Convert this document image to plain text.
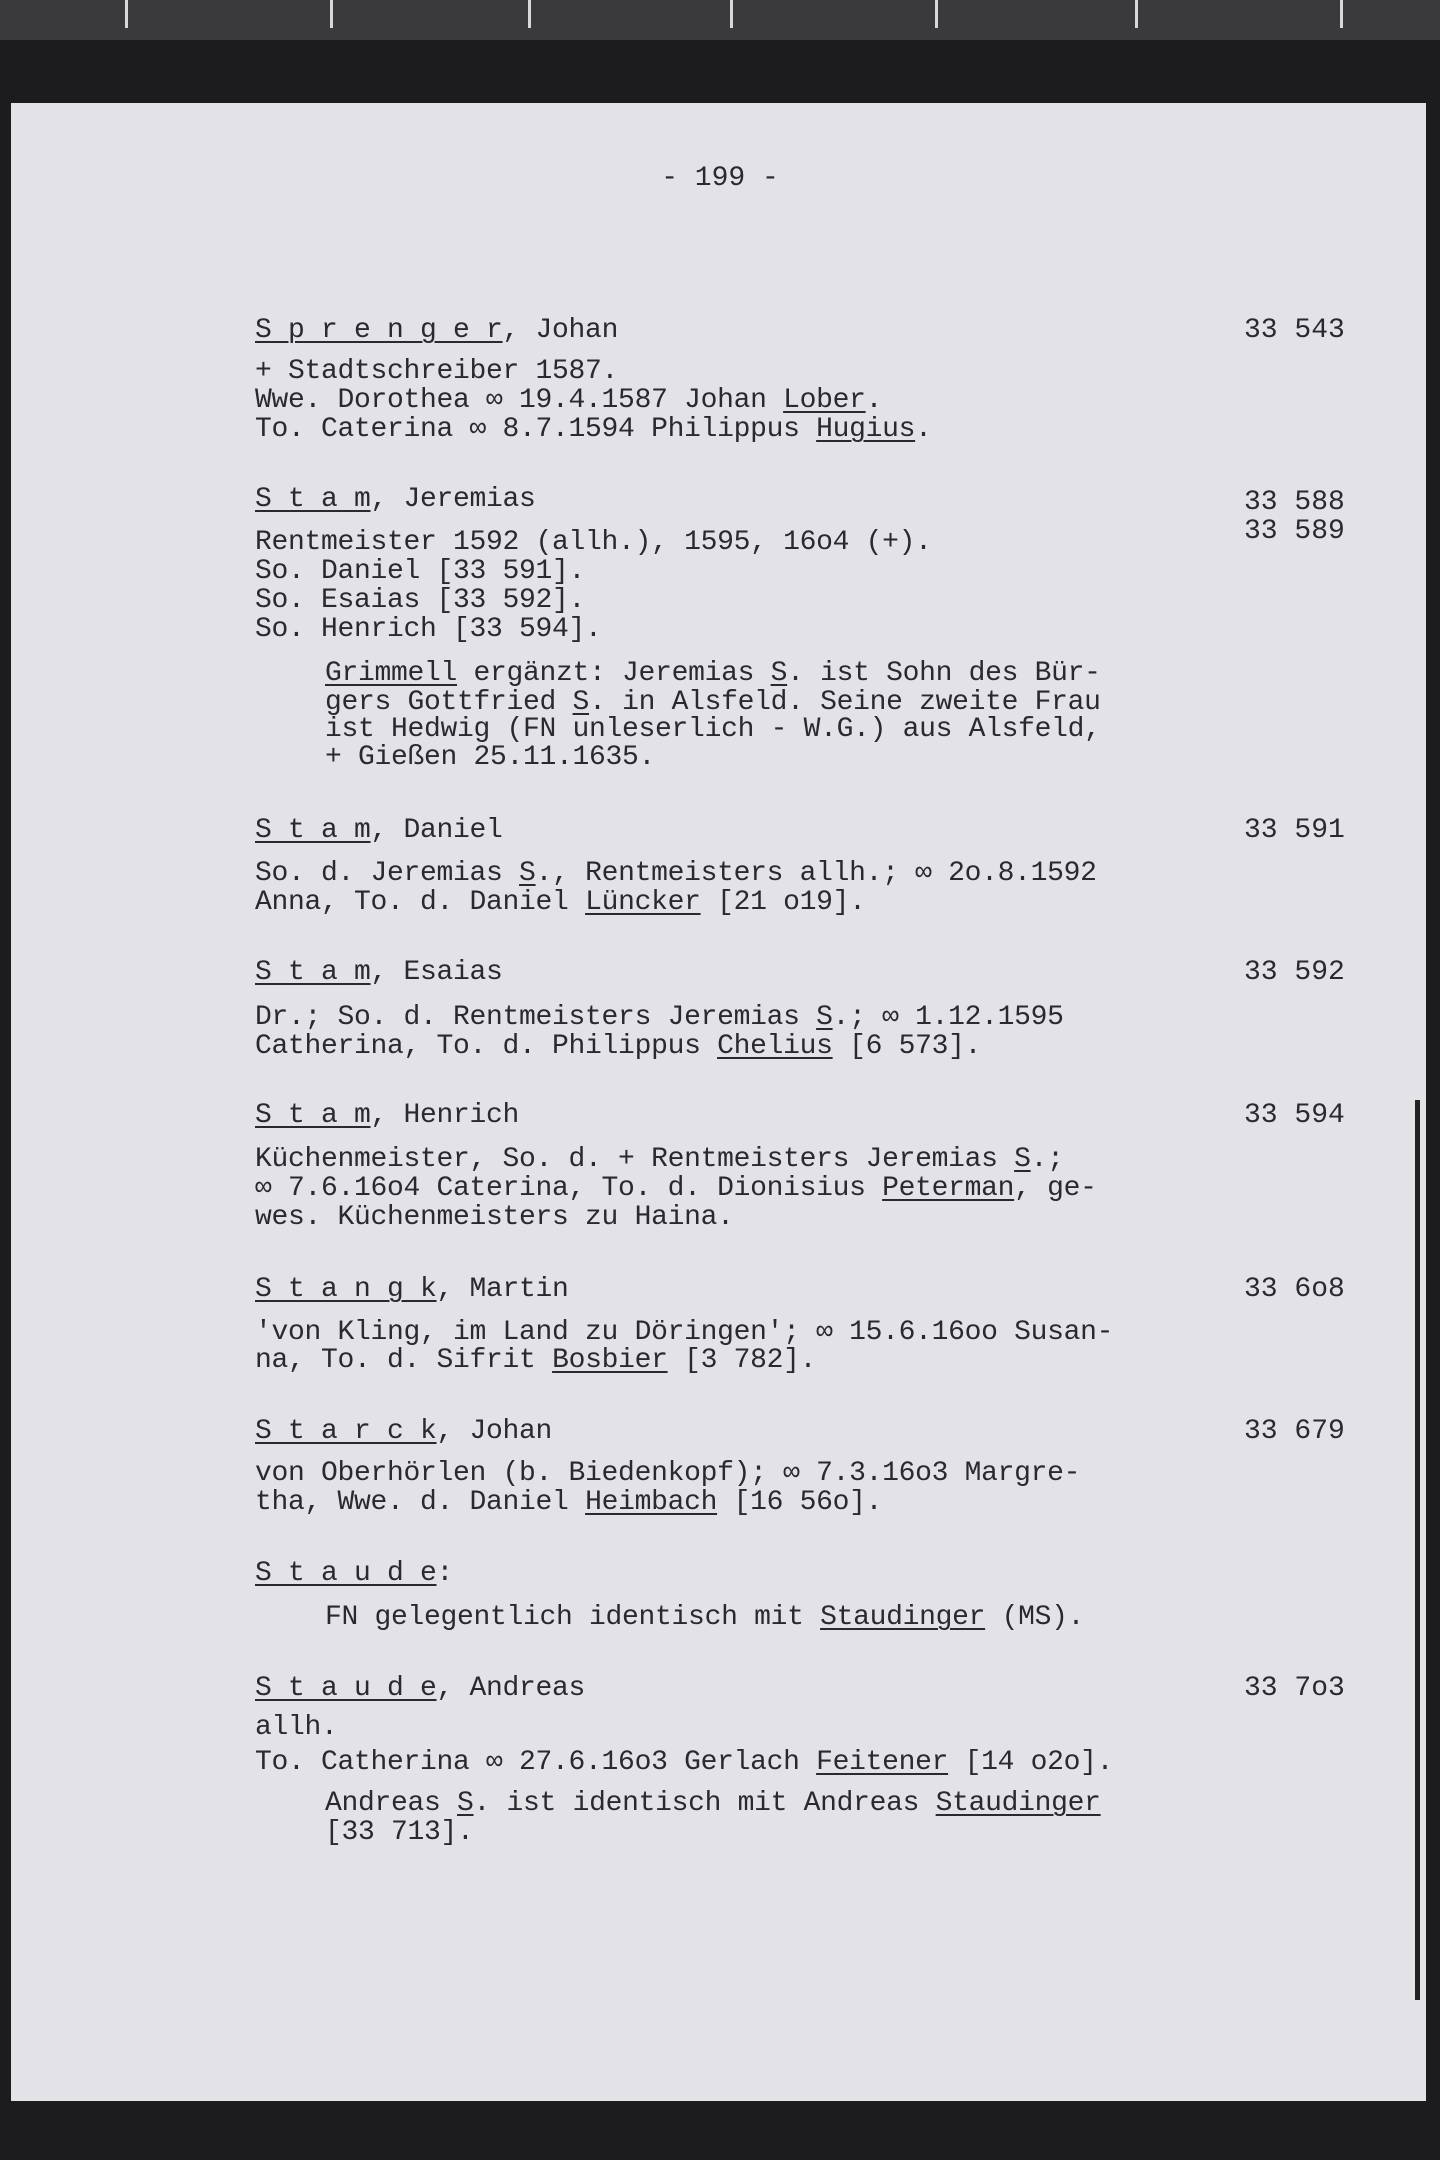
- 199 -
S p r e n g e r, Johan
+ Stadtschreiber 1587.
Wwe. Dorothea ∞ 19.4.1587 Johan Lober.
To. Caterina ∞ 8.7.1594 Philippus Hugius.
33 543
S t a m, Jeremias
Rentmeister 1592 (allh.), 1595, 16o4 (+).
So. Daniel [33 591].
So. Esaias [33 592].
So. Henrich [33 594].
Grimmell ergänzt: Jeremias S. ist Sohn des Bür-
gers Gottfried S. in Alsfeld. Seine zweite Frau
ist Hedwig (FN unleserlich - W.G.) aus Alsfeld,
+ Gießen 25.11.1635.
33 588
33 589
S t a m, Daniel
So. d. Jeremias S., Rentmeisters allh.; ∞ 2o.8.1592
Anna, To. d. Daniel Lüncker [21 o19].
33 591
S t a m, Esaias
Dr.; So. d. Rentmeisters Jeremias S.; ∞ 1.12.1595
Catherina, To. d. Philippus Chelius [6 573].
33 592
S t a m, Henrich
Küchenmeister, So. d. + Rentmeisters Jeremias S.;
∞ 7.6.16o4 Caterina, To. d. Dionisius Peterman, ge-
wes. Küchenmeisters zu Haina.
33 594
S t a n g k, Martin
'von Kling, im Land zu Döringen'; ∞ 15.6.16oo Susan-
na, To. d. Sifrit Bosbier [3 782].
33 6o8
S t a r c k, Johan
von Oberhörlen (b. Biedenkopf); ∞ 7.3.16o3 Margre-
tha, Wwe. d. Daniel Heimbach [16 56o].
33 679
S t a u d e:
FN gelegentlich identisch mit Staudinger (MS).
S t a u d e, Andreas
allh.
To. Catherina ∞ 27.6.16o3 Gerlach Feitener [14 o2o].
Andreas S. ist identisch mit Andreas Staudinger
[33 713].
33 7o3
